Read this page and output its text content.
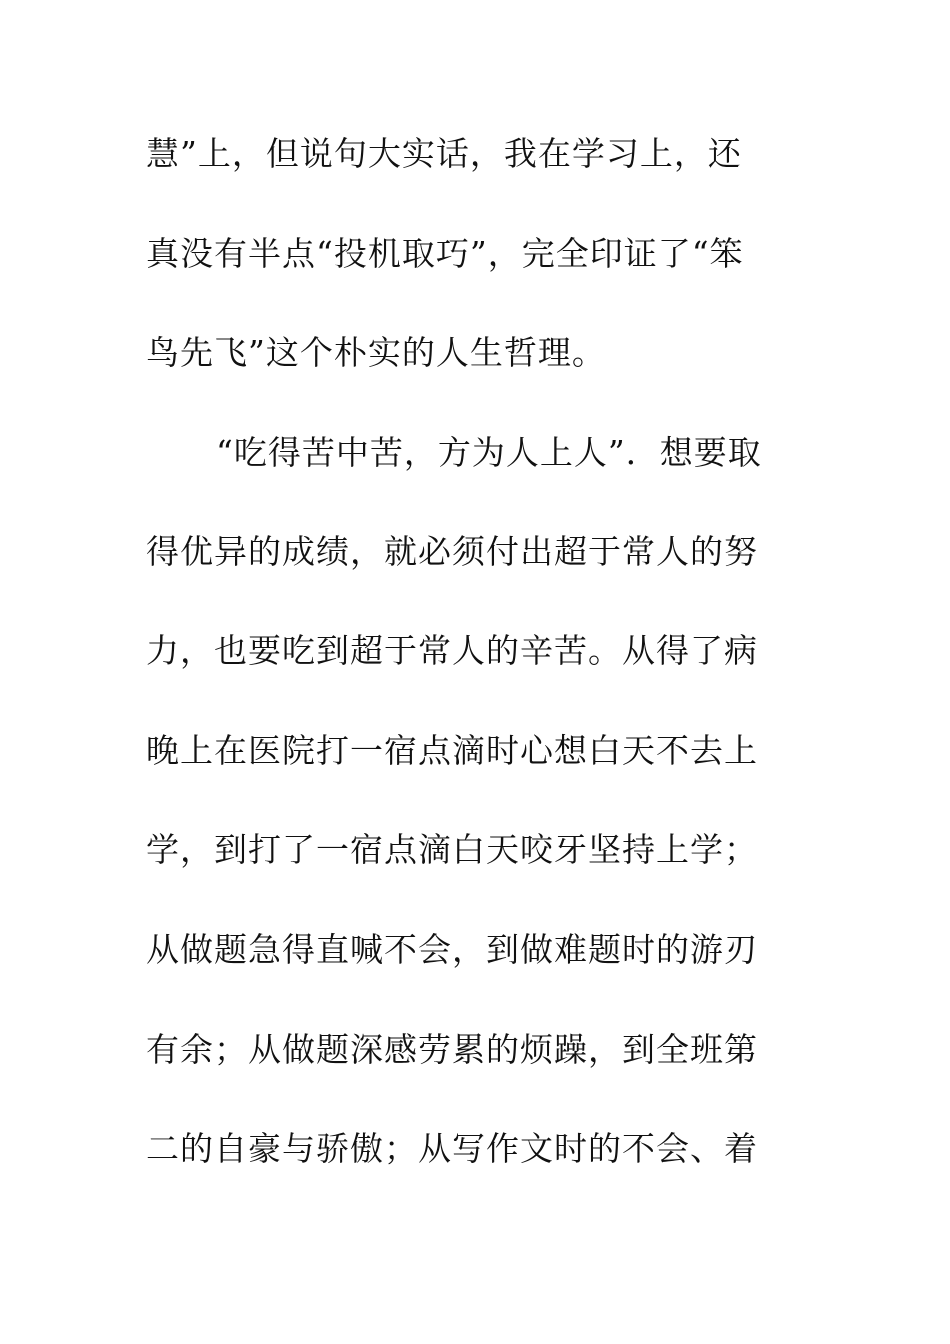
慧”上，但说句大实话，我在学习上，还
真没有半点“投机取巧”，完全印证了“笨
鸟先飞”这个朴实的人生哲理。
“吃得苦中苦，方为人上人”．想要取
得优异的成绩，就必须付出超于常人的努
力，也要吃到超于常人的辛苦。从得了病
晚上在医院打一宿点滴时心想白天不去上
学，到打了一宿点滴白天咬牙坚持上学；
从做题急得直喊不会，到做难题时的游刃
有余；从做题深感劳累的烦躁，到全班第
二的自豪与骄傲；从写作文时的不会、着
